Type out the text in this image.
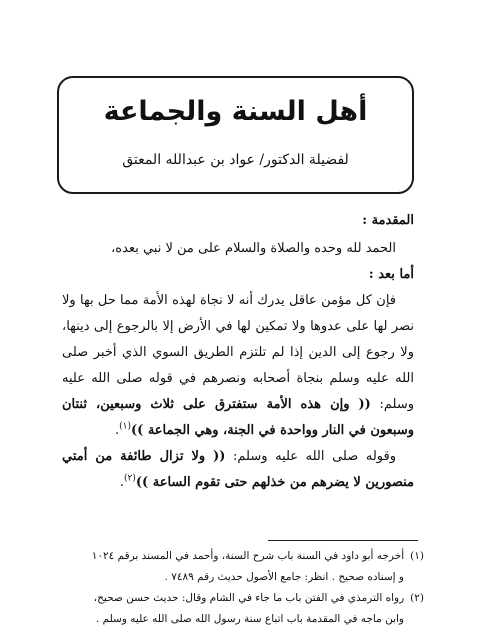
أهل السنة والجماعة
لفضيلة الدكتور/ عواد بن عبدالله المعتق

المقدمة :

الحمد لله وحده والصلاة والسلام على من لا نبي بعده،

أما بعد :

فإن كل مؤمن عاقل يدرك أنه لا نجاة لهذه الأمة مما حل بها ولا نصر لها على عدوها ولا تمكين لها في الأرض إلا بالرجوع إلى دينها، ولا رجوع إلى الدين إذا لم تلتزم الطريق السوي الذي أخبر صلى الله عليه وسلم بنجاة أصحابه ونصرهم في قوله صلى الله عليه وسلم: (( وإن هذه الأمة ستفترق على ثلاث وسبعين، ثنتان وسبعون في النار وواحدة في الجنة، وهي الجماعة ))$^{(١)}$.

وقوله صلى الله عليه وسلم: (( ولا تزال طائفة من أمتي منصورين لا يضرهم من خذلهم حتى تقوم الساعة ))$^{(٢)}$.

(١)أخرجه أبو داود في السنة باب شرح السنة، وأحمد في المسند برقم ١٠٢٤

و إسناده صحيح . انظر: جامع الأصول حديث رقم ٧٤٨٩ .

(٢)رواه الترمذي في الفتن باب ما جاء في الشام وقال: حديث حسن صحيح،

وابن ماجه في المقدمة باب اتباع سنة رسول الله صلى الله عليه وسلم .
